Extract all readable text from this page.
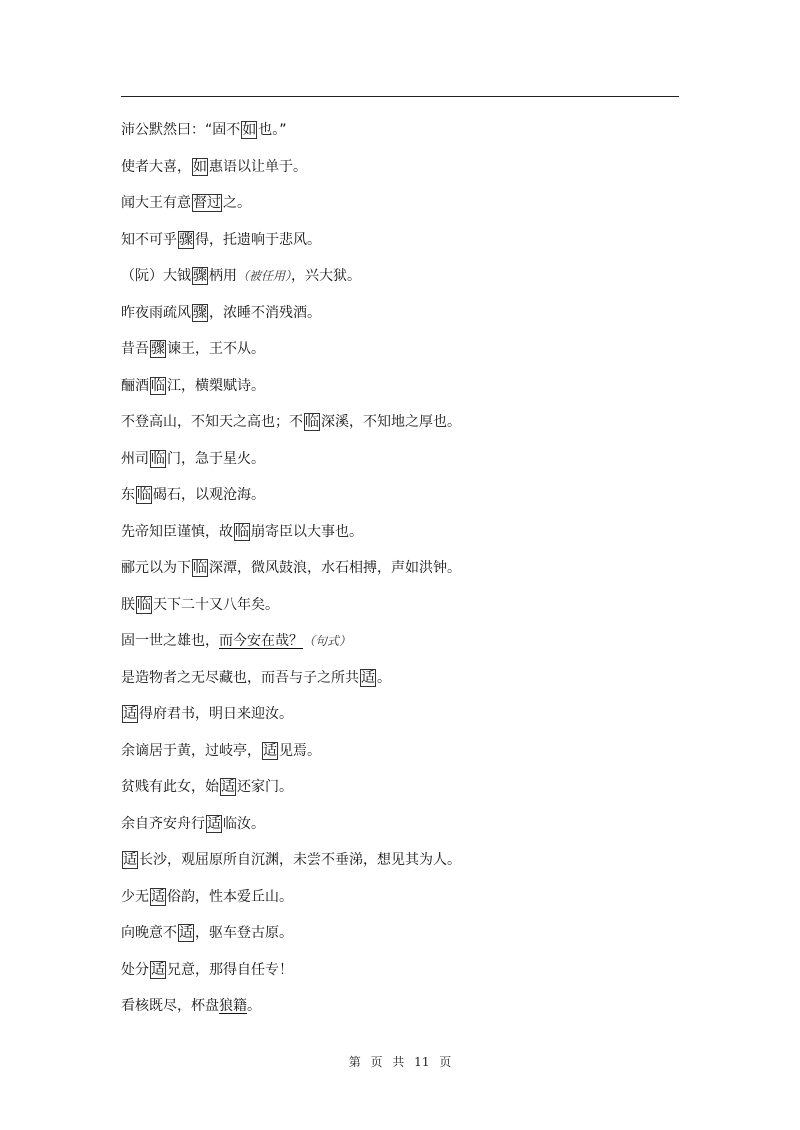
沛公默然曰：“固不 如 也。”
使者大喜， 如 惠语以让单于。
闻大王有意 督过 之。
知不可乎 骤 得，托遗响于悲风。
（阮）大钺 骤 柄用（被任用），兴大狱。
昨夜雨疏风 骤 ，浓睡不消残酒。
昔吾 骤 谏王，王不从。
酾酒 临 江，横槊赋诗。
不登高山，不知天之高也；不 临 深溪，不知地之厚也。
州司 临 门，急于星火。
东 临 碣石，以观沧海。
先帝知臣谨慎，故 临 崩寄臣以大事也。
郦元以为下 临 深潭，微风鼓浪，水石相搏，声如洪钟。
朕 临 天下二十又八年矣。
固一世之雄也，而今安在哉？（句式）
是造物者之无尽藏也，而吾与子之所共 适 。
适 得府君书，明日来迎汝。
余谪居于黄，过岐亭， 适 见焉。
贫贱有此女，始 适 还家门。
余自齐安舟行 适 临汝。
适 长沙，观屈原所自沉渊，未尝不垂涕，想见其为人。
少无 适 俗韵，性本爱丘山。
向晚意不 适 ，驱车登古原。
处分 适 兄意，那得自任专！
看核既尽，杯盘狼籍。
第 页 共 11 页
